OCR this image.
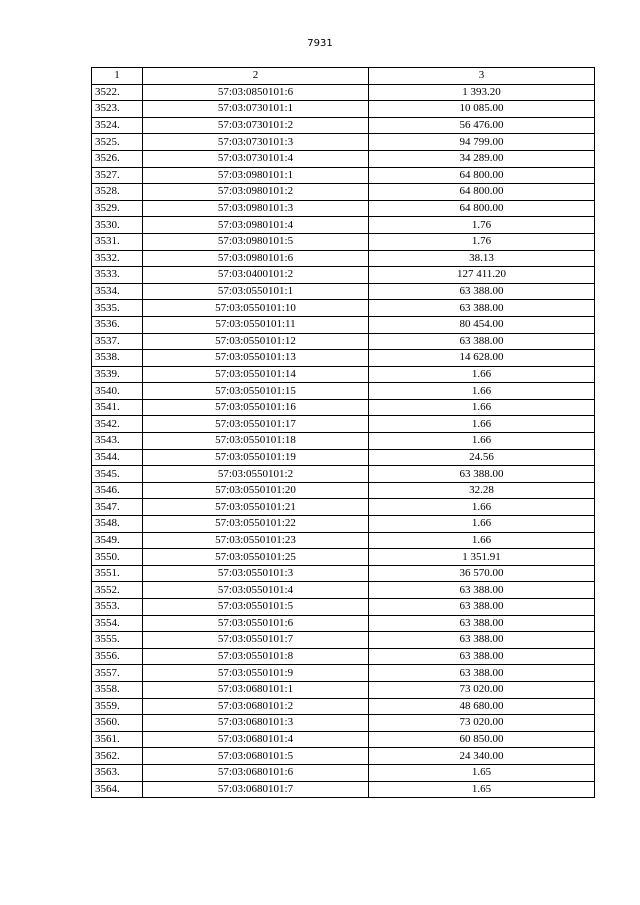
7931
1	2	3
3522.	57:03:0850101:6	1 393.20
3523.	57:03:0730101:1	10 085.00
3524.	57:03:0730101:2	56 476.00
3525.	57:03:0730101:3	94 799.00
3526.	57:03:0730101:4	34 289.00
3527.	57:03:0980101:1	64 800.00
3528.	57:03:0980101:2	64 800.00
3529.	57:03:0980101:3	64 800.00
3530.	57:03:0980101:4	1.76
3531.	57:03:0980101:5	1.76
3532.	57:03:0980101:6	38.13
3533.	57:03:0400101:2	127 411.20
3534.	57:03:0550101:1	63 388.00
3535.	57:03:0550101:10	63 388.00
3536.	57:03:0550101:11	80 454.00
3537.	57:03:0550101:12	63 388.00
3538.	57:03:0550101:13	14 628.00
3539.	57:03:0550101:14	1.66
3540.	57:03:0550101:15	1.66
3541.	57:03:0550101:16	1.66
3542.	57:03:0550101:17	1.66
3543.	57:03:0550101:18	1.66
3544.	57:03:0550101:19	24.56
3545.	57:03:0550101:2	63 388.00
3546.	57:03:0550101:20	32.28
3547.	57:03:0550101:21	1.66
3548.	57:03:0550101:22	1.66
3549.	57:03:0550101:23	1.66
3550.	57:03:0550101:25	1 351.91
3551.	57:03:0550101:3	36 570.00
3552.	57:03:0550101:4	63 388.00
3553.	57:03:0550101:5	63 388.00
3554.	57:03:0550101:6	63 388.00
3555.	57:03:0550101:7	63 388.00
3556.	57:03:0550101:8	63 388.00
3557.	57:03:0550101:9	63 388.00
3558.	57:03:0680101:1	73 020.00
3559.	57:03:0680101:2	48 680.00
3560.	57:03:0680101:3	73 020.00
3561.	57:03:0680101:4	60 850.00
3562.	57:03:0680101:5	24 340.00
3563.	57:03:0680101:6	1.65
3564.	57:03:0680101:7	1.65
